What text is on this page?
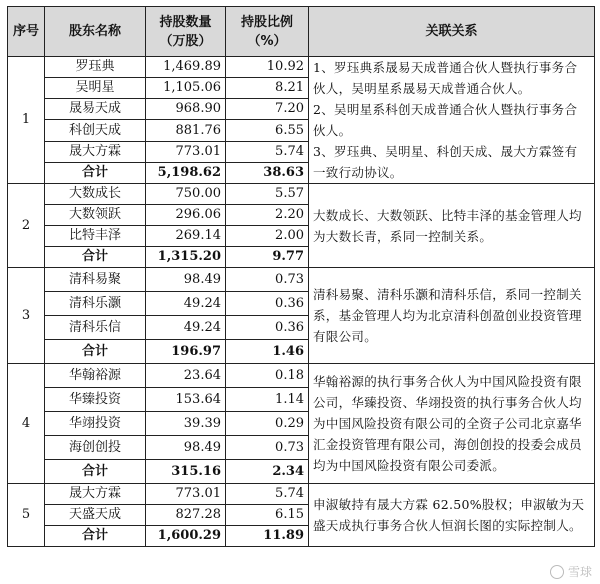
序号	股东名称	持股数量（万股）	持股比例（%）	关联关系
1	罗珏典	1,469.89	10.92	1、罗珏典系晟易天成普通合伙人暨执行事务合伙人，吴明星系晟易天成普通合伙人。

2、吴明星系科创天成普通合伙人暨执行事务合伙人。

3、罗珏典、吴明星、科创天成、晟大方霖签有一致行动协议。

	吴明星	1,105.06	8.21	
	晟易天成	968.90	7.20	
	科创天成	881.76	6.55	
	晟大方霖	773.01	5.74	
	合计	5,198.62	38.63	
2	大数成长	750.00	5.57	大数成长、大数领跃、比特丰泽的基金管理人均为大数长青，系同一控制关系。

	大数领跃	296.06	2.20	
	比特丰泽	269.14	2.00	
	合计	1,315.20	9.77	
3	清科易聚	98.49	0.73	清科易聚、清科乐灏和清科乐信，系同一控制关系，基金管理人均为北京清科创盈创业投资管理有限公司。

	清科乐灏	49.24	0.36	
	清科乐信	49.24	0.36	
	合计	196.97	1.46	
4	华翰裕源	23.64	0.18	华翰裕源的执行事务合伙人为中国风险投资有限公司，华臻投资、华翊投资的执行事务合伙人均为中国风险投资有限公司的全资子公司北京嘉华汇金投资管理有限公司，海创创投的投委会成员均为中国风险投资有限公司委派。

	华臻投资	153.64	1.14	
	华翊投资	39.39	0.29	
	海创创投	98.49	0.73	
	合计	315.16	2.34	
5	晟大方霖	773.01	5.74	申淑敏持有晟大方霖 62.50%股权；申淑敏为天盛天成执行事务合伙人恒润长图的实际控制人。

	天盛天成	827.28	6.15	
	合计	1,600.29	11.89	
雪球
